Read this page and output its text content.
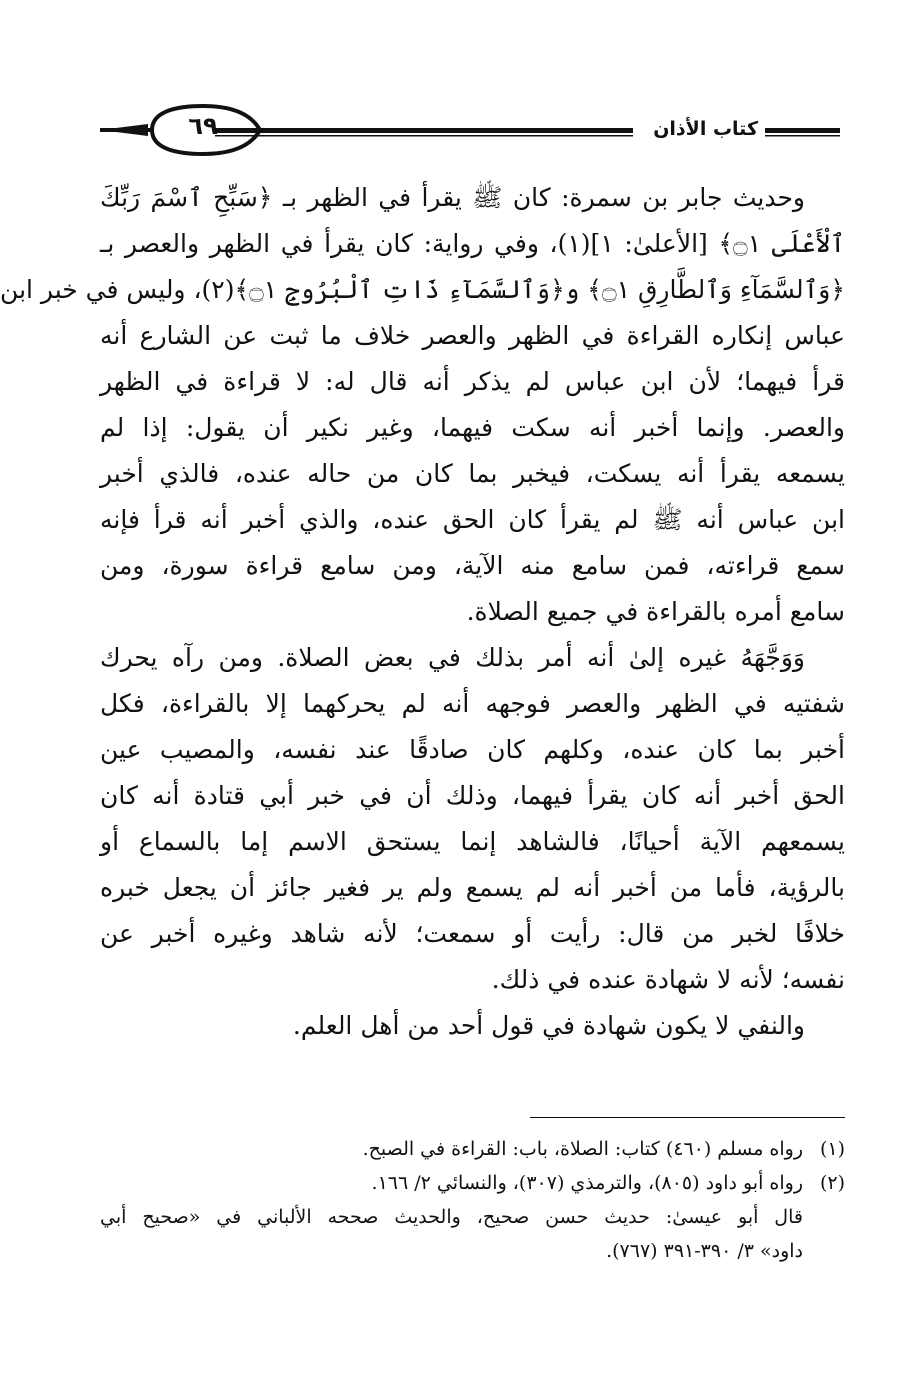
٦٩	كتاب الأذان
وحديث جابر بن سمرة: كان ﷺ يقرأ في الظهر بـ ﴿سَبِّحِ ٱسْمَ رَبِّكَ
ٱلْأَعْلَى ۝١﴾ [الأعلىٰ: ١](١)، وفي رواية: كان يقرأ في الظهر والعصر بـ
﴿وَٱلسَّمَآءِ وَٱلطَّارِقِ ۝١﴾ و﴿وَٱلسَّمَآءِ ذَاتِ ٱلْبُرُوجِ ۝١﴾(٢)، وليس في خبر ابن
عباس إنكاره القراءة في الظهر والعصر خلاف ما ثبت عن الشارع أنه
قرأ فيهما؛ لأن ابن عباس لم يذكر أنه قال له: لا قراءة في الظهر
والعصر. وإنما أخبر أنه سكت فيهما، وغير نكير أن يقول: إذا لم
يسمعه يقرأ أنه يسكت، فيخبر بما كان من حاله عنده، فالذي أخبر
ابن عباس أنه ﷺ لم يقرأ كان الحق عنده، والذي أخبر أنه قرأ فإنه
سمع قراءته، فمن سامع منه الآية، ومن سامع قراءة سورة، ومن
سامع أمره بالقراءة في جميع الصلاة.
وَوَجَّهَهُ غيره إلىٰ أنه أمر بذلك في بعض الصلاة. ومن رآه يحرك
شفتيه في الظهر والعصر فوجهه أنه لم يحركهما إلا بالقراءة، فكل
أخبر بما كان عنده، وكلهم كان صادقًا عند نفسه، والمصيب عين
الحق أخبر أنه كان يقرأ فيهما، وذلك أن في خبر أبي قتادة أنه كان
يسمعهم الآية أحيانًا، فالشاهد إنما يستحق الاسم إما بالسماع أو
بالرؤية، فأما من أخبر أنه لم يسمع ولم ير فغير جائز أن يجعل خبره
خلافًا لخبر من قال: رأيت أو سمعت؛ لأنه شاهد وغيره أخبر عن
نفسه؛ لأنه لا شهادة عنده في ذلك.
والنفي لا يكون شهادة في قول أحد من أهل العلم.
(١)
رواه مسلم (٤٦٠) كتاب: الصلاة، باب: القراءة في الصبح.
(٢)
رواه أبو داود (٨٠٥)، والترمذي (٣٠٧)، والنسائي ٢/ ١٦٦.
قال أبو عيسىٰ: حديث حسن صحيح، والحديث صححه الألباني في «صحيح أبي
داود» ٣/ ٣٩٠-٣٩١ (٧٦٧).
